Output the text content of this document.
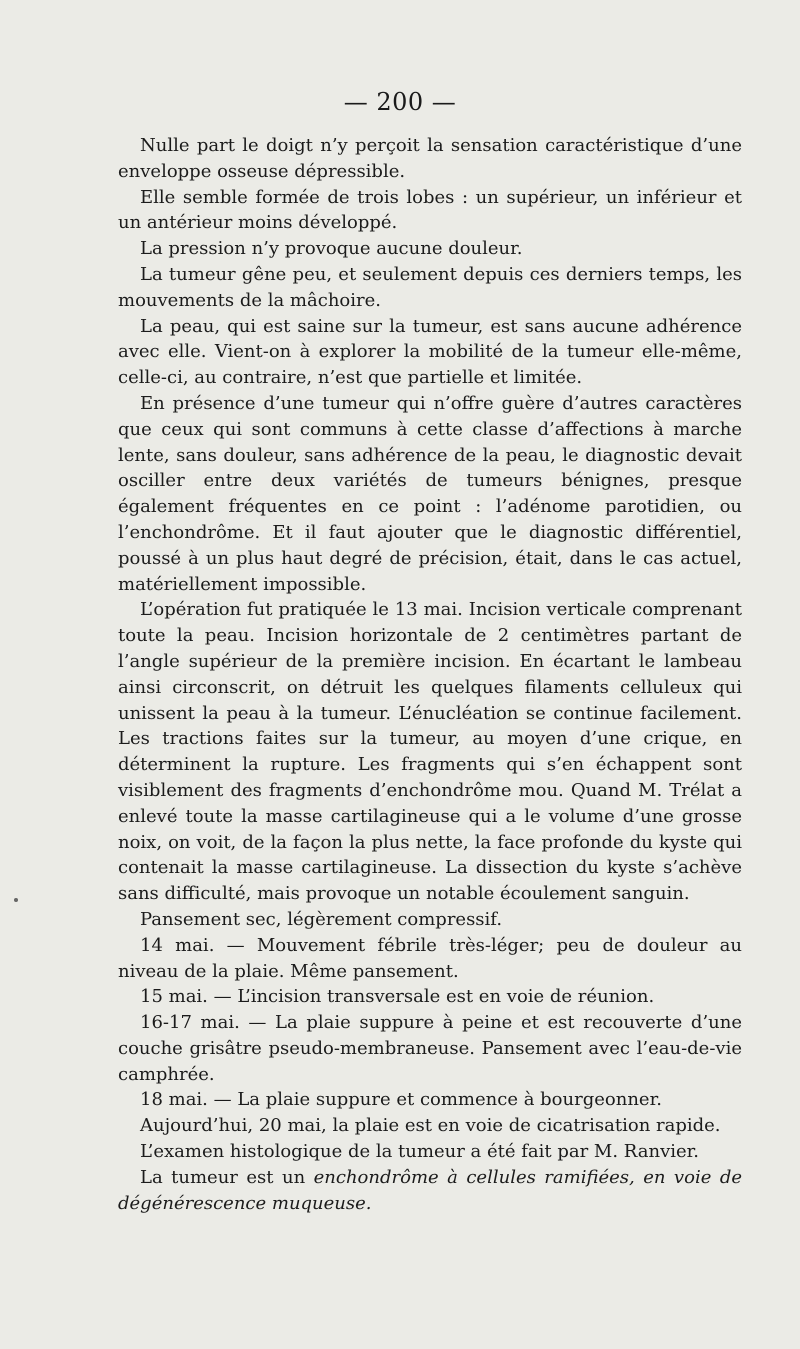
— 200 —

Nulle part le doigt n’y perçoit la sensation caractéristique d’une enveloppe osseuse dépressible.

Elle semble formée de trois lobes : un supérieur, un inférieur et un antérieur moins développé.

La pression n’y provoque aucune douleur.

La tumeur gêne peu, et seulement depuis ces derniers temps, les mouvements de la mâchoire.

La peau, qui est saine sur la tumeur, est sans aucune adhérence avec elle. Vient-on à explorer la mobilité de la tumeur elle-même, celle-ci, au contraire, n’est que partielle et limitée.

En présence d’une tumeur qui n’offre guère d’autres caractères que ceux qui sont communs à cette classe d’affections à marche lente, sans douleur, sans adhérence de la peau, le diagnostic devait osciller entre deux variétés de tumeurs bénignes, presque également fréquentes en ce point : l’adénome parotidien, ou l’enchondrôme. Et il faut ajouter que le diagnostic différentiel, poussé à un plus haut degré de précision, était, dans le cas actuel, matériellement impossible.

L’opération fut pratiquée le 13 mai. Incision verticale comprenant toute la peau. Incision horizontale de 2 centimètres partant de l’angle supérieur de la première incision. En écartant le lambeau ainsi circonscrit, on détruit les quelques filaments celluleux qui unissent la peau à la tumeur. L’énucléation se continue facilement. Les tractions faites sur la tumeur, au moyen d’une crique, en déterminent la rupture. Les fragments qui s’en échappent sont visiblement des fragments d’enchondrôme mou. Quand M. Trélat a enlevé toute la masse cartilagineuse qui a le volume d’une grosse noix, on voit, de la façon la plus nette, la face profonde du kyste qui contenait la masse cartilagineuse. La dissection du kyste s’achève sans difficulté, mais provoque un notable écoulement sanguin.

Pansement sec, légèrement compressif.

14 mai. — Mouvement fébrile très-léger; peu de douleur au niveau de la plaie. Même pansement.

15 mai. — L’incision transversale est en voie de réunion.

16-17 mai. — La plaie suppure à peine et est recouverte d’une couche grisâtre pseudo-membraneuse. Pansement avec l’eau-de-vie camphrée.

18 mai. — La plaie suppure et commence à bourgeonner.

Aujourd’hui, 20 mai, la plaie est en voie de cicatrisation rapide.

L’examen histologique de la tumeur a été fait par M. Ranvier.

La tumeur est un enchondrôme à cellules ramifiées, en voie de dégénérescence muqueuse.
